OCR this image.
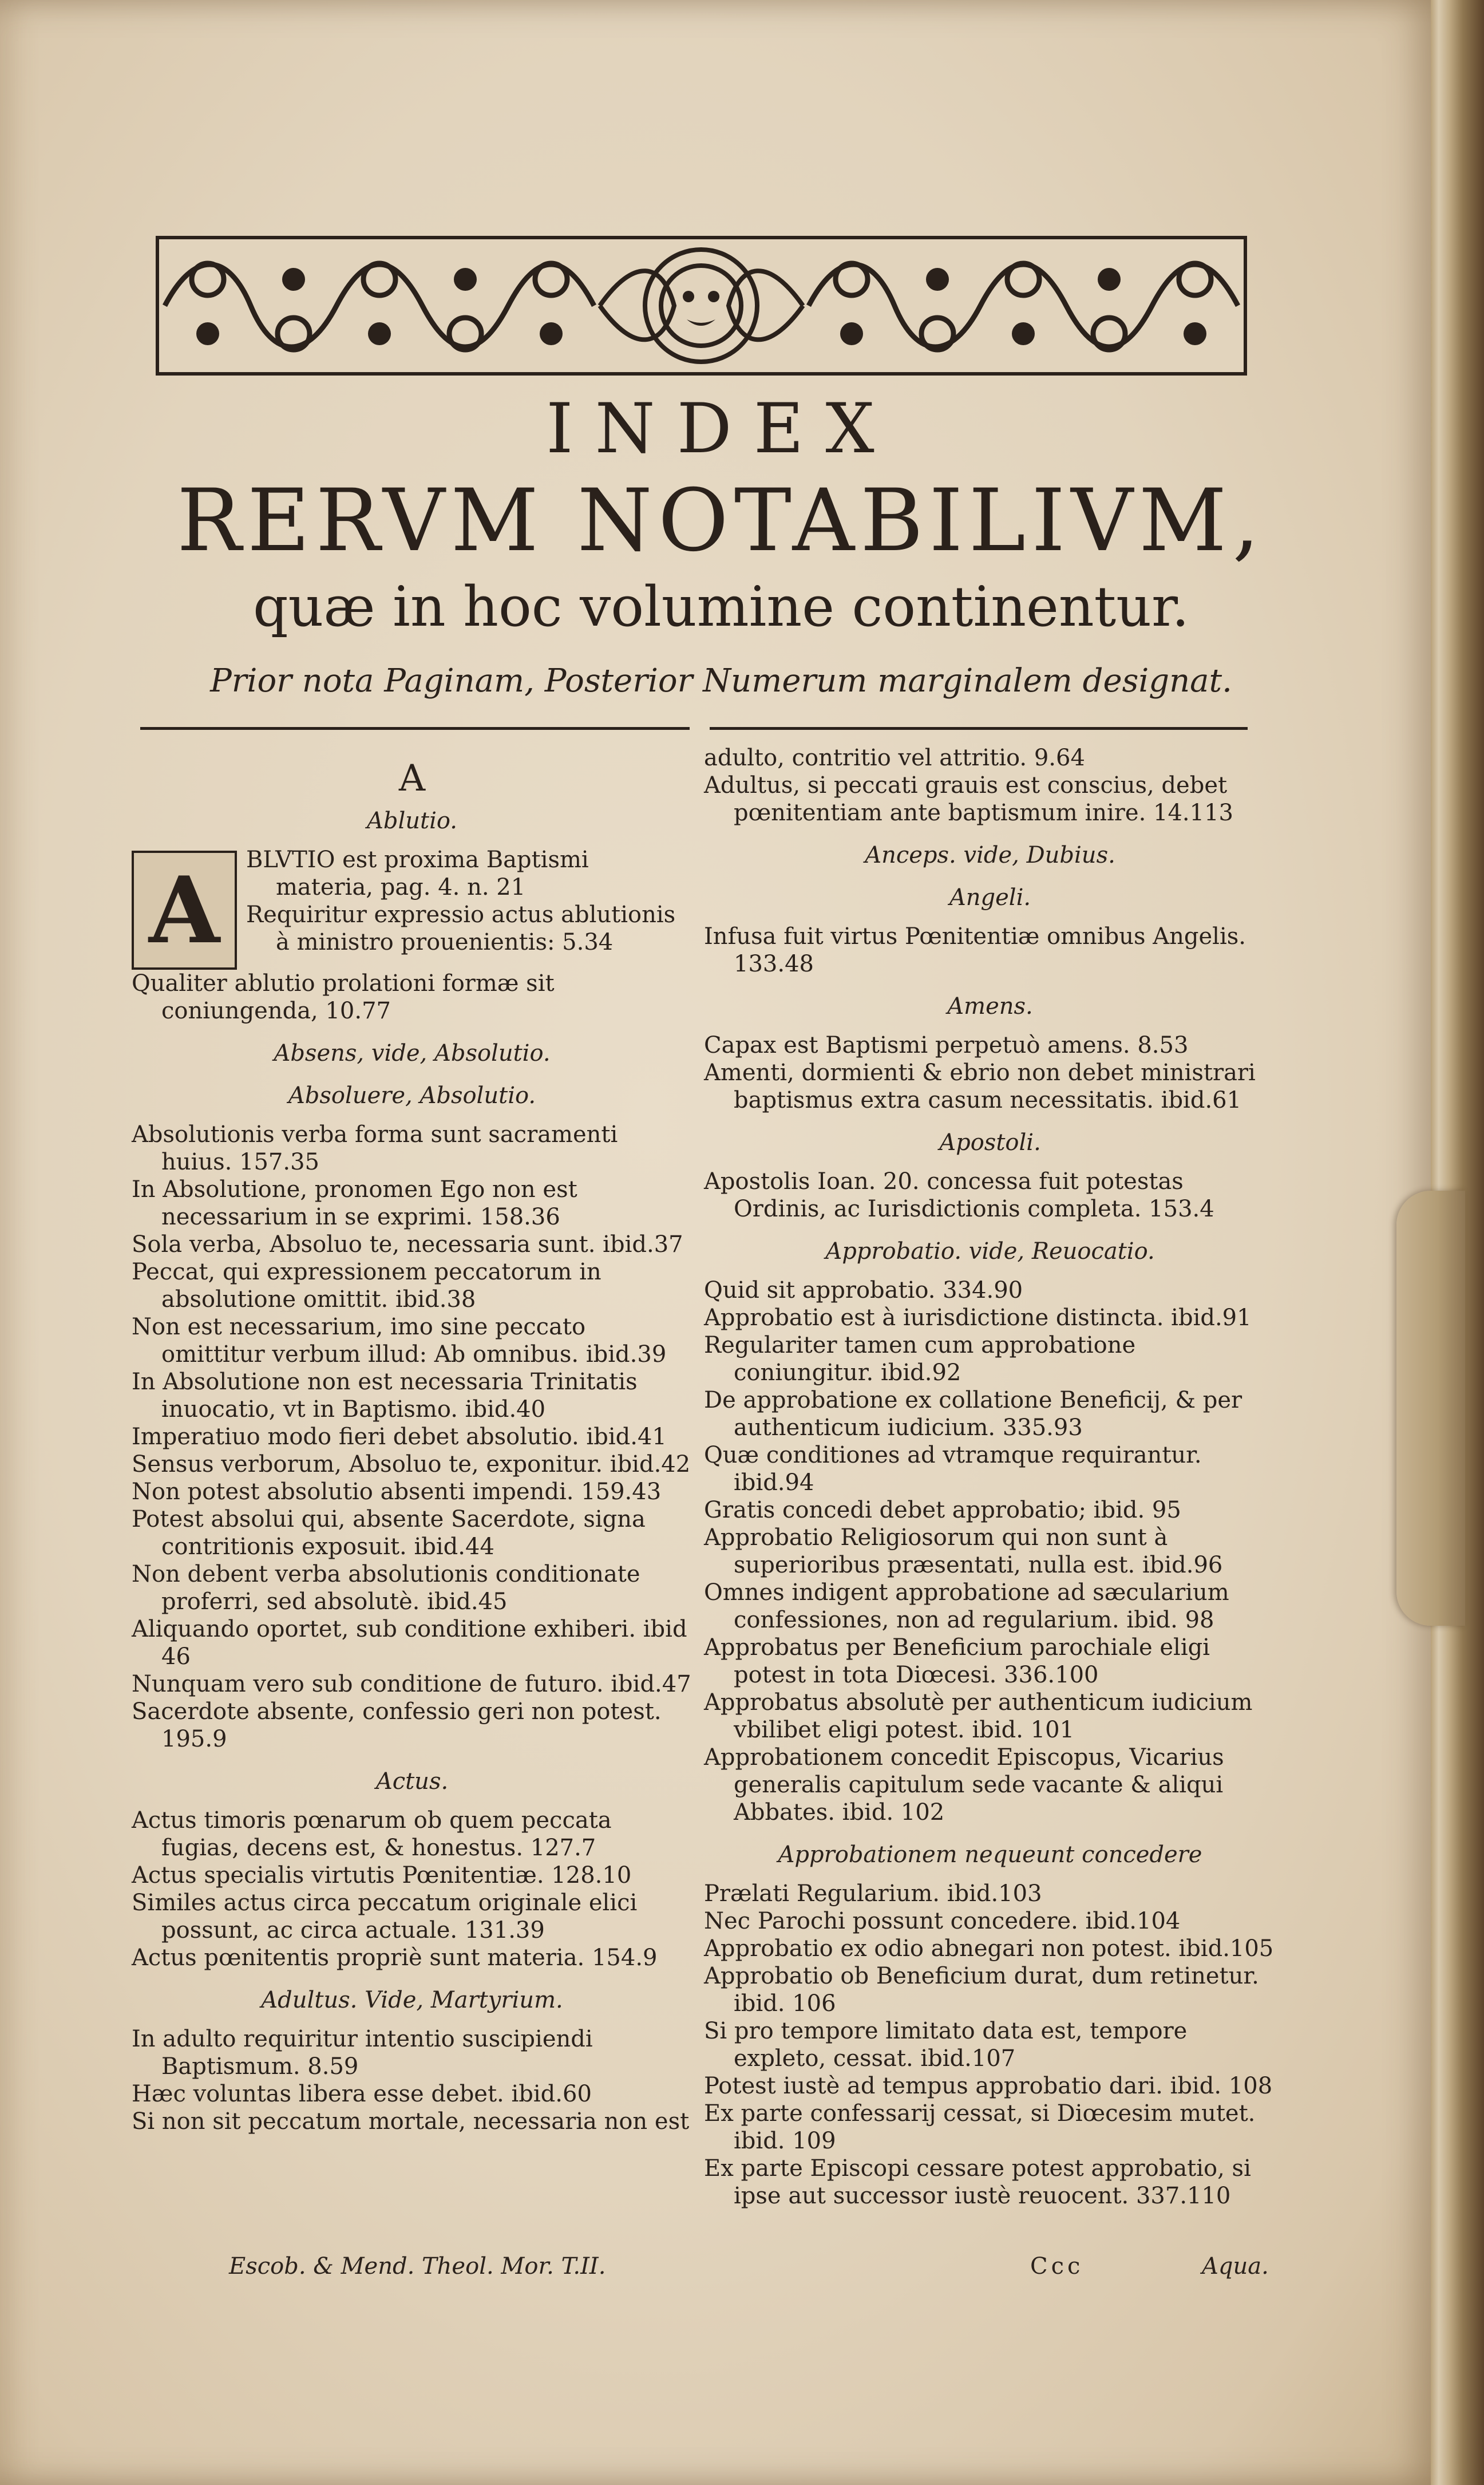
INDEX
RERVM NOTABILIVM,
quæ in hoc volumine continentur.
Prior nota Paginam, Posterior Numerum marginalem designat.
A
Ablutio.
A	BLVTIO est proxima Baptismi materia, pag. 4. n. 21

Requiritur expressio actus ablutionis à ministro prouenientis: 5.34

Qualiter ablutio prolationi formæ sit coniungenda, 10.77

Absens, vide, Absolutio.
Absoluere, Absolutio.

Absolutionis verba forma sunt sacramenti huius. 157.35

In Absolutione, pronomen Ego non est necessarium in se exprimi. 158.36

Sola verba, Absoluo te, necessaria sunt. ibid.37

Peccat, qui expressionem peccatorum in absolutione omittit. ibid.38

Non est necessarium, imo sine peccato omittitur verbum illud: Ab omnibus. ibid.39

In Absolutione non est necessaria Trinitatis inuocatio, vt in Baptismo. ibid.40

Imperatiuo modo fieri debet absolutio. ibid.41

Sensus verborum, Absoluo te, exponitur. ibid.42

Non potest absolutio absenti impendi. 159.43

Potest absolui qui, absente Sacerdote, signa contritionis exposuit. ibid.44

Non debent verba absolutionis conditionate proferri, sed absolutè. ibid.45

Aliquando oportet, sub conditione exhiberi. ibid 46

Nunquam vero sub conditione de futuro. ibid.47

Sacerdote absente, confessio geri non potest. 195.9

Actus.

Actus timoris pœnarum ob quem peccata fugias, decens est, & honestus. 127.7

Actus specialis virtutis Pœnitentiæ. 128.10

Similes actus circa peccatum originale elici possunt, ac circa actuale. 131.39

Actus pœnitentis propriè sunt materia. 154.9

Adultus. Vide, Martyrium.

In adulto requiritur intentio suscipiendi Baptismum. 8.59

Hæc voluntas libera esse debet. ibid.60

Si non sit peccatum mortale, necessaria non est

adulto, contritio vel attritio. 9.64

Adultus, si peccati grauis est conscius, debet pœnitentiam ante baptismum inire. 14.113

Anceps. vide, Dubius.
Angeli.

Infusa fuit virtus Pœnitentiæ omnibus Angelis. 133.48

Amens.

Capax est Baptismi perpetuò amens. 8.53

Amenti, dormienti & ebrio non debet ministrari baptismus extra casum necessitatis. ibid.61

Apostoli.

Apostolis Ioan. 20. concessa fuit potestas Ordinis, ac Iurisdictionis completa. 153.4

Approbatio. vide, Reuocatio.

Quid sit approbatio. 334.90

Approbatio est à iurisdictione distincta. ibid.91

Regulariter tamen cum approbatione coniungitur. ibid.92

De approbatione ex collatione Beneficij, & per authenticum iudicium. 335.93

Quæ conditiones ad vtramque requirantur. ibid.94

Gratis concedi debet approbatio; ibid. 95

Approbatio Religiosorum qui non sunt à superioribus præsentati, nulla est. ibid.96

Omnes indigent approbatione ad sæcularium confessiones, non ad regularium. ibid. 98

Approbatus per Beneficium parochiale eligi potest in tota Diœcesi. 336.100

Approbatus absolutè per authenticum iudicium vbilibet eligi potest. ibid. 101

Approbationem concedit Episcopus, Vicarius generalis capitulum sede vacante & aliqui Abbates. ibid. 102

Approbationem nequeunt concedere

Prælati Regularium. ibid.103

Nec Parochi possunt concedere. ibid.104

Approbatio ex odio abnegari non potest. ibid.105

Approbatio ob Beneficium durat, dum retinetur. ibid. 106

Si pro tempore limitato data est, tempore expleto, cessat. ibid.107

Potest iustè ad tempus approbatio dari. ibid. 108

Ex parte confessarij cessat, si Diœcesim mutet. ibid. 109

Ex parte Episcopi cessare potest approbatio, si ipse aut successor iustè reuocent. 337.110

Escob. & Mend. Theol. Mor. T.II.	Ccc	Aqua.
